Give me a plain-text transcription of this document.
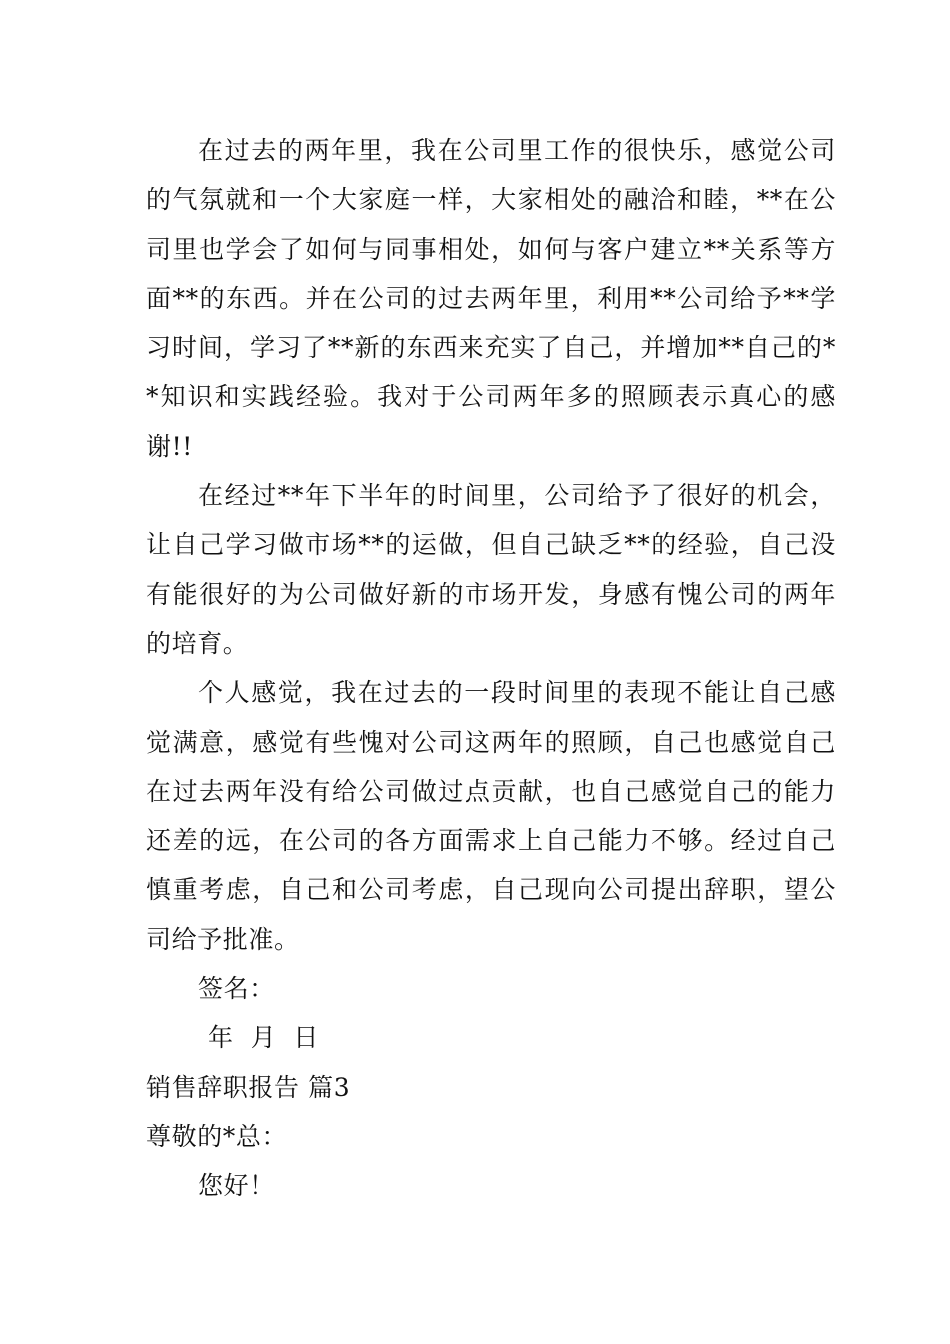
在过去的两年里，我在公司里工作的很快乐，感觉公司的气氛就和一个大家庭一样，大家相处的融洽和睦，**在公司里也学会了如何与同事相处，如何与客户建立**关系等方面**的东西。并在公司的过去两年里，利用**公司给予**学习时间，学习了**新的东西来充实了自己，并增加**自己的**知识和实践经验。我对于公司两年多的照顾表示真心的感谢!!

在经过**年下半年的时间里，公司给予了很好的机会，让自己学习做市场**的运做，但自己缺乏**的经验，自己没有能很好的为公司做好新的市场开发，身感有愧公司的两年的培育。

个人感觉，我在过去的一段时间里的表现不能让自己感觉满意，感觉有些愧对公司这两年的照顾，自己也感觉自己在过去两年没有给公司做过点贡献，也自己感觉自己的能力还差的远，在公司的各方面需求上自己能力不够。经过自己慎重考虑，自己和公司考虑，自己现向公司提出辞职，望公司给予批准。

签名：

年  月  日

销售辞职报告 篇3

尊敬的*总：

您好！
